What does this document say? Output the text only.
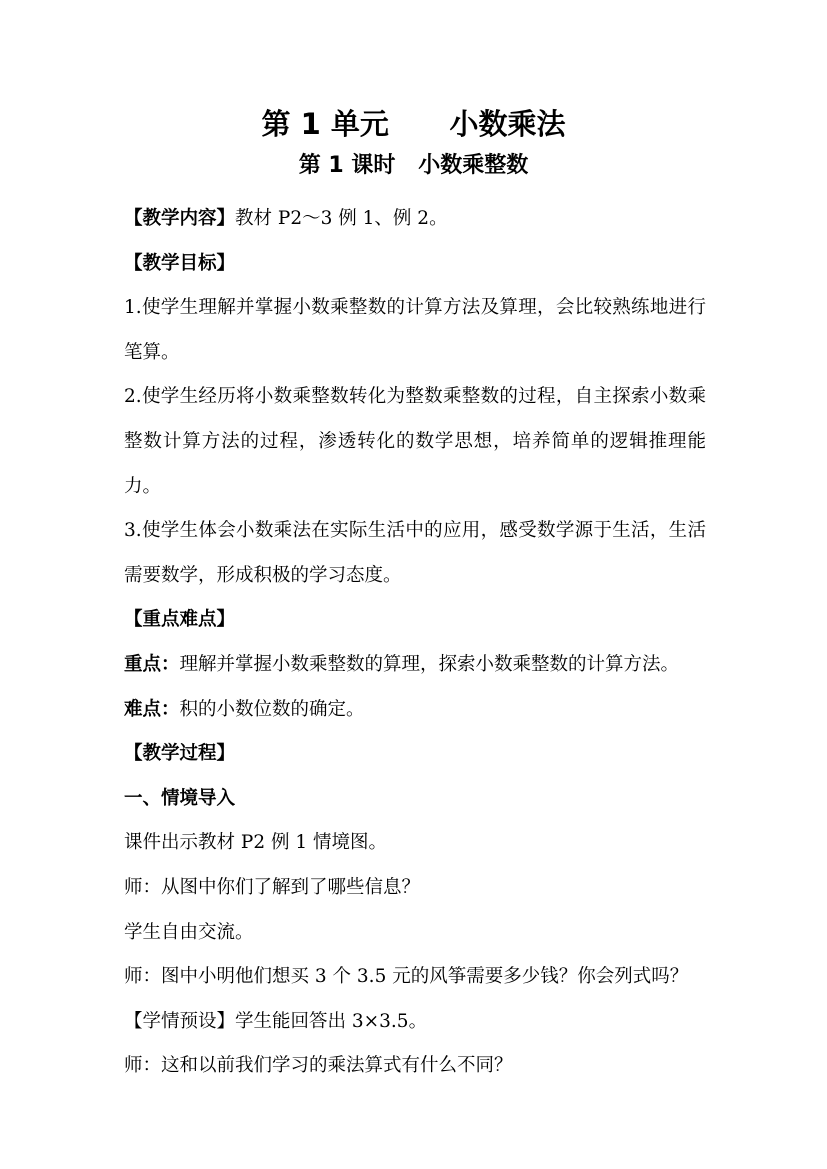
第 1 单元      小数乘法
第 1 课时   小数乘整数

【教学内容】教材 P2～3 例 1、例 2。

【教学目标】

1.使学生理解并掌握小数乘整数的计算方法及算理，会比较熟练地进行笔算。

2.使学生经历将小数乘整数转化为整数乘整数的过程，自主探索小数乘整数计算方法的过程，渗透转化的数学思想，培养简单的逻辑推理能力。

3.使学生体会小数乘法在实际生活中的应用，感受数学源于生活，生活需要数学，形成积极的学习态度。

【重点难点】

重点：理解并掌握小数乘整数的算理，探索小数乘整数的计算方法。

难点：积的小数位数的确定。

【教学过程】

一、情境导入

课件出示教材 P2 例 1 情境图。

师：从图中你们了解到了哪些信息？

学生自由交流。

师：图中小明他们想买 3 个 3.5 元的风筝需要多少钱？你会列式吗？

【学情预设】学生能回答出 3×3.5。

师：这和以前我们学习的乘法算式有什么不同？
